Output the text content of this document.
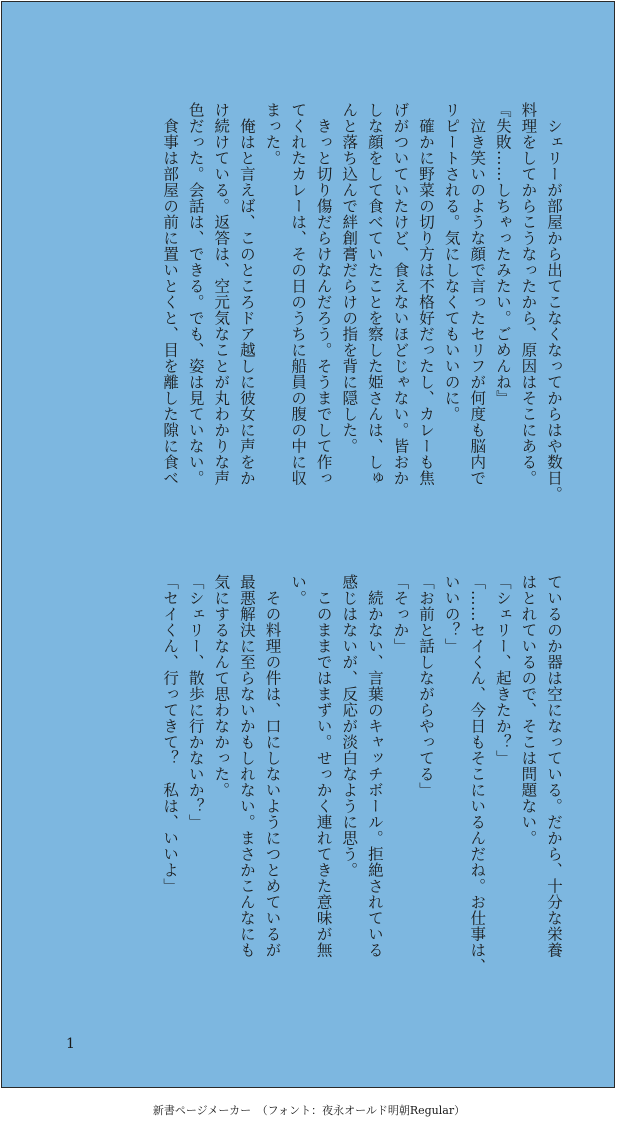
　シェリーが部屋から出てこなくなってからはや数日。
料理をしてからこうなったから、原因はそこにある。
『失敗……しちゃったみたい。ごめんね』
　泣き笑いのような顔で言ったセリフが何度も脳内で
リピートされる。気にしなくてもいいのに。
　確かに野菜の切り方は不格好だったし、カレーも焦
げがついていたけど、食えないほどじゃない。皆おか
しな顔をして食べていたことを察した姫さんは、しゅ
んと落ち込んで絆創膏だらけの指を背に隠した。
　きっと切り傷だらけなんだろう。そうまでして作っ
てくれたカレーは、その日のうちに船員の腹の中に収
まった。
　俺はと言えば、このところドア越しに彼女に声をか
け続けている。返答は、空元気なことが丸わかりな声
色だった。会話は、できる。でも、姿は見ていない。
　食事は部屋の前に置いとくと、目を離した隙に食べ
ているのか器は空になっている。だから、十分な栄養
はとれているので、そこは問題ない。
「シェリー、起きたか？」
「……セイくん、今日もそこにいるんだね。お仕事は、
いいの？」
「お前と話しながらやってる」
「そっか」
　続かない、言葉のキャッチボール。拒絶されている
感じはないが、反応が淡白なように思う。
　このままではまずい。せっかく連れてきた意味が無
い。
　その料理の件は、口にしないようにつとめているが
最悪解決に至らないかもしれない。まさかこんなにも
気にするなんて思わなかった。
「シェリー、散歩に行かないか？」
「セイくん、行ってきて？　私は、いいよ」
1
新書ページメーカー　（フォント：夜永オールド明朝Regular）
